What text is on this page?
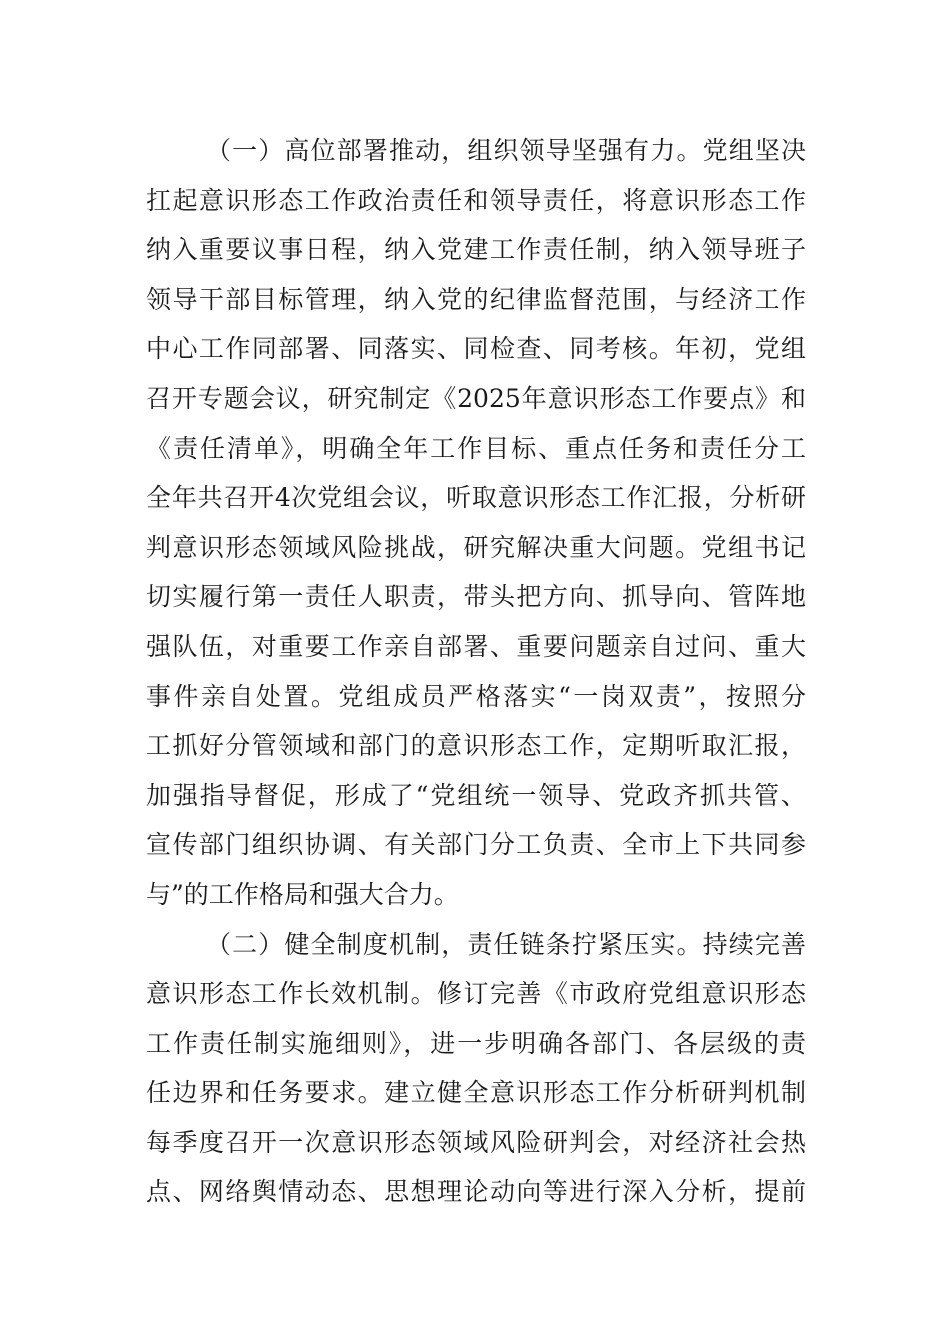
（一）高位部署推动，组织领导坚强有力。党组坚决
扛起意识形态工作政治责任和领导责任，将意识形态工作
纳入重要议事日程，纳入党建工作责任制，纳入领导班子
领导干部目标管理，纳入党的纪律监督范围，与经济工作
中心工作同部署、同落实、同检查、同考核。年初，党组
召开专题会议，研究制定《2025年意识形态工作要点》和
《责任清单》，明确全年工作目标、重点任务和责任分工
全年共召开4次党组会议，听取意识形态工作汇报，分析研
判意识形态领域风险挑战，研究解决重大问题。党组书记
切实履行第一责任人职责，带头把方向、抓导向、管阵地
强队伍，对重要工作亲自部署、重要问题亲自过问、重大
事件亲自处置。党组成员严格落实“一岗双责”，按照分
工抓好分管领域和部门的意识形态工作，定期听取汇报，
加强指导督促，形成了“党组统一领导、党政齐抓共管、
宣传部门组织协调、有关部门分工负责、全市上下共同参
与”的工作格局和强大合力。
（二）健全制度机制，责任链条拧紧压实。持续完善
意识形态工作长效机制。修订完善《市政府党组意识形态
工作责任制实施细则》，进一步明确各部门、各层级的责
任边界和任务要求。建立健全意识形态工作分析研判机制
每季度召开一次意识形态领域风险研判会，对经济社会热
点、网络舆情动态、思想理论动向等进行深入分析，提前
